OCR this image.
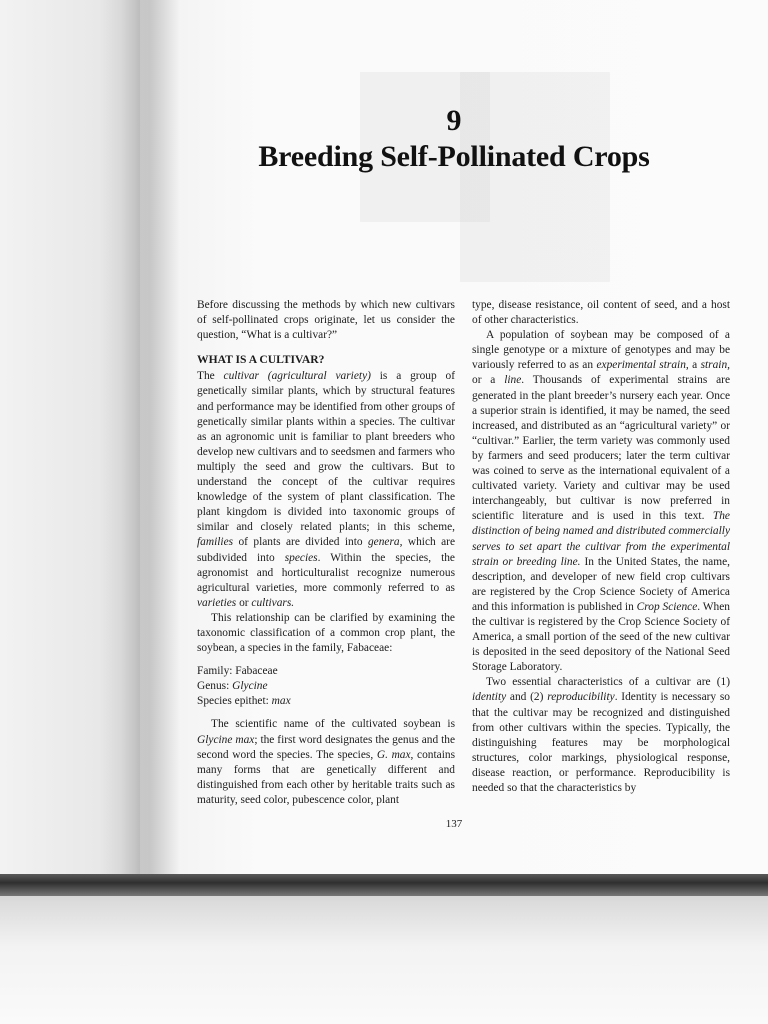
9
Breeding Self-Pollinated Crops

Before discussing the methods by which new cultivars of self-pollinated crops originate, let us consider the question, “What is a cultivar?”

WHAT IS A CULTIVAR?

The cultivar (agricultural variety) is a group of genetically similar plants, which by structural features and performance may be identified from other groups of genetically similar plants within a species. The cultivar as an agronomic unit is familiar to plant breeders who develop new cultivars and to seedsmen and farmers who multiply the seed and grow the cultivars. But to understand the concept of the cultivar requires knowledge of the system of plant classification. The plant kingdom is divided into taxonomic groups of similar and closely related plants; in this scheme, families of plants are divided into genera, which are subdivided into species. Within the species, the agronomist and horticulturalist recognize numerous agricultural varieties, more commonly referred to as varieties or cultivars.

This relationship can be clarified by examining the taxonomic classification of a common crop plant, the soybean, a species in the family, Fabaceae:

Family: Fabaceae
Genus: Glycine
Species epithet: max

The scientific name of the cultivated soybean is Glycine max; the first word designates the genus and the second word the species. The species, G. max, contains many forms that are genetically different and distinguished from each other by heritable traits such as maturity, seed color, pubescence color, plant

type, disease resistance, oil content of seed, and a host of other characteristics.

A population of soybean may be composed of a single genotype or a mixture of genotypes and may be variously referred to as an experimental strain, a strain, or a line. Thousands of experimental strains are generated in the plant breeder’s nursery each year. Once a superior strain is identified, it may be named, the seed increased, and distributed as an “agricultural variety” or “cultivar.” Earlier, the term variety was commonly used by farmers and seed producers; later the term cultivar was coined to serve as the international equivalent of a cultivated variety. Variety and cultivar may be used interchangeably, but cultivar is now preferred in scientific literature and is used in this text. The distinction of being named and distributed commercially serves to set apart the cultivar from the experimental strain or breeding line. In the United States, the name, description, and developer of new field crop cultivars are registered by the Crop Science Society of America and this information is published in Crop Science. When the cultivar is registered by the Crop Science Society of America, a small portion of the seed of the new cultivar is deposited in the seed depository of the National Seed Storage Laboratory.

Two essential characteristics of a cultivar are (1) identity and (2) reproducibility. Identity is necessary so that the cultivar may be recognized and distinguished from other cultivars within the species. Typically, the distinguishing features may be morphological structures, color markings, physiological response, disease reaction, or performance. Reproducibility is needed so that the characteristics by

137
